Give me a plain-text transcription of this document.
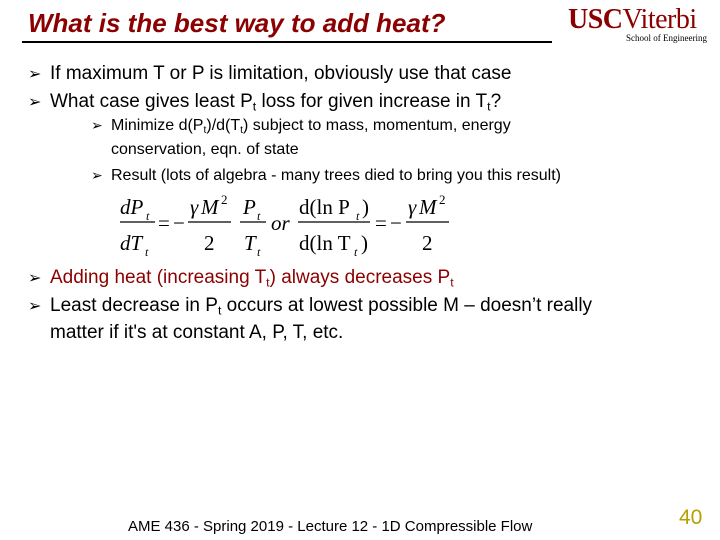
What is the best way to add heat?	USCViterbi
School of Engineering
➢ If maximum T or P is limitation, obviously use that case
➢ What case gives least $P_t$ loss for given increase in $T_t$?
➢ Minimize $d(P_t)/d(T_t)$ subject to mass, momentum, energy
conservation, eqn. of state
➢ Result (lots of algebra - many trees died to bring you this result)
dP t
dT t
= −
γ M 2
2
P t
T t
or
d(ln P t )
d(ln T t )
= −
γ M 2
2
➢ Adding heat (increasing $T_t$) always decreases $P_t$
➢ Least decrease in $P_t$ occurs at lowest possible M – doesn’t really
matter if it's at constant A, P, T, etc.
AME 436 - Spring 2019 - Lecture 12 - 1D Compressible Flow	40
